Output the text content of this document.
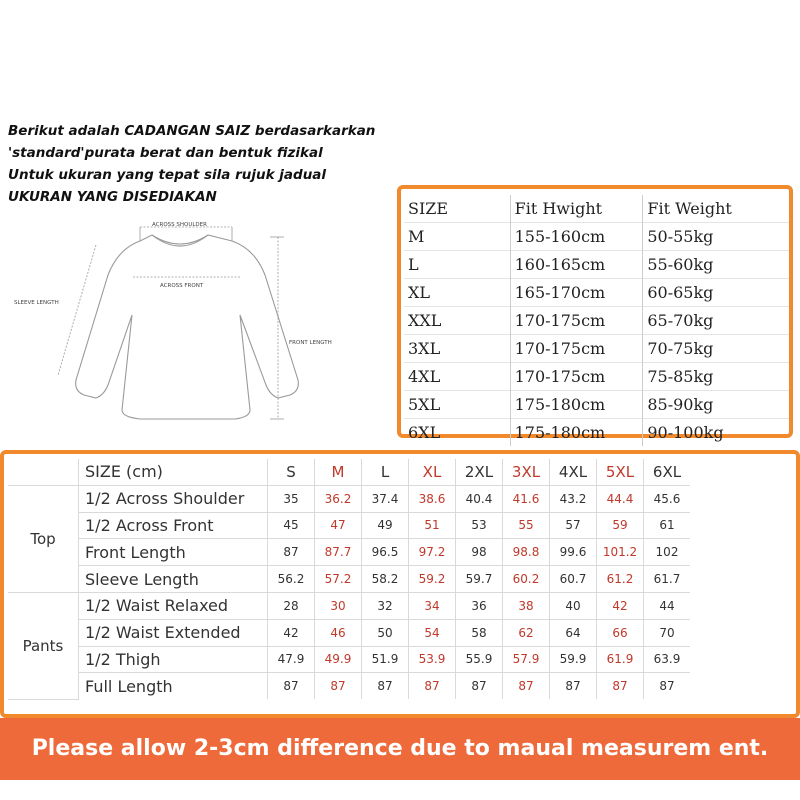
Berikut adalah CADANGAN SAIZ berdasarkarkan
'standard'purata berat dan bentuk fizikal
Untuk ukuran yang tepat sila rujuk jadual
UKURAN YANG DISEDIAKAN
ACROSS SHOULDER
ACROSS FRONT
SLEEVE LENGTH
FRONT LENGTH
SIZE	Fit Hwight	Fit Weight
M	155-160cm	50-55kg
L	160-165cm	55-60kg
XL	165-170cm	60-65kg
XXL	170-175cm	65-70kg
3XL	170-175cm	70-75kg
4XL	170-175cm	75-85kg
5XL	175-180cm	85-90kg
6XL	175-180cm	90-100kg
	SIZE (cm)	S	M	L	XL	2XL	3XL	4XL	5XL	6XL
Top	1/2 Across Shoulder	35	36.2	37.4	38.6	40.4	41.6	43.2	44.4	45.6
	1/2 Across Front	45	47	49	51	53	55	57	59	61
	Front Length	87	87.7	96.5	97.2	98	98.8	99.6	101.2	102
	Sleeve Length	56.2	57.2	58.2	59.2	59.7	60.2	60.7	61.2	61.7
Pants	1/2 Waist Relaxed	28	30	32	34	36	38	40	42	44
	1/2 Waist Extended	42	46	50	54	58	62	64	66	70
	1/2 Thigh	47.9	49.9	51.9	53.9	55.9	57.9	59.9	61.9	63.9
	Full Length	87	87	87	87	87	87	87	87	87
Please allow 2-3cm difference due to maual measurem ent.
